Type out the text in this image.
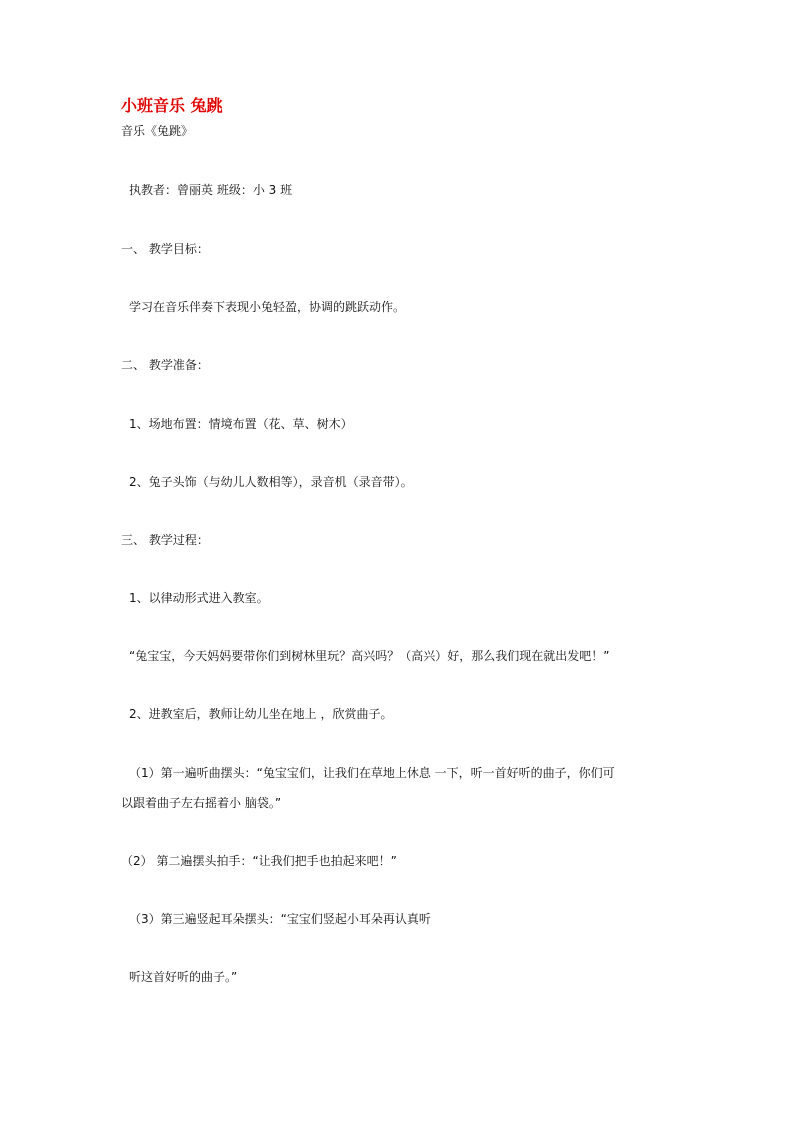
小班音乐 兔跳
音乐《兔跳》
执教者：曾丽英 班级：小 3 班
一、 教学目标：
学习在音乐伴奏下表现小兔轻盈，协调的跳跃动作。
二、 教学准备：
1、场地布置：情境布置（花、草、树木）
2、兔子头饰（与幼儿人数相等），录音机（录音带）。
三、 教学过程：
1、以律动形式进入教室。
“兔宝宝，今天妈妈要带你们到树林里玩？高兴吗？（高兴）好，那么我们现在就出发吧！”
2、进教室后，教师让幼儿坐在地上 ，欣赏曲子。
（1）第一遍听曲摆头：“兔宝宝们，让我们在草地上休息 一下，听一首好听的曲子，你们可
以跟着曲子左右摇着小 脑袋。”
（2） 第二遍摆头拍手：“让我们把手也拍起来吧！”
（3）第三遍竖起耳朵摆头：“宝宝们竖起小耳朵再认真听
听这首好听的曲子。”
